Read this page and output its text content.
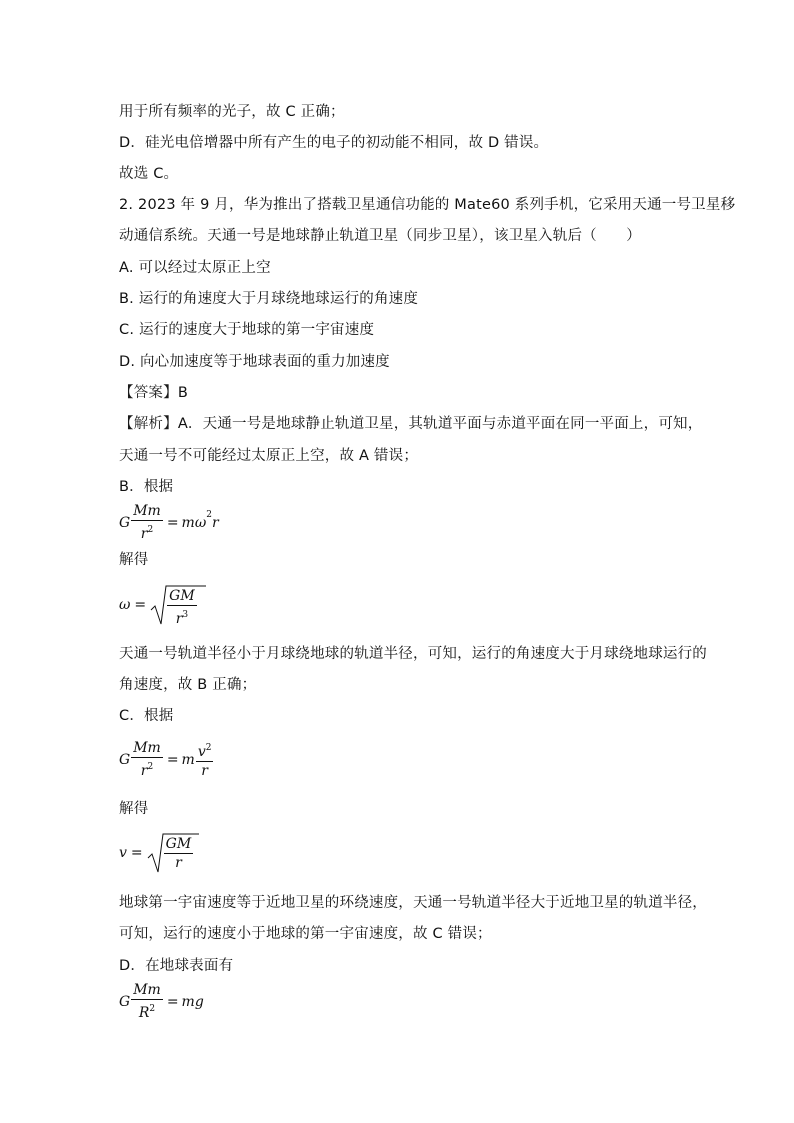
用于所有频率的光子，故 C 正确；
D．硅光电倍增器中所有产生的电子的初动能不相同，故 D 错误。
故选 C。
2. 2023 年 9 月，华为推出了搭载卫星通信功能的 Mate60 系列手机，它采用天通一号卫星移
动通信系统。天通一号是地球静止轨道卫星（同步卫星），该卫星入轨后（　　）
A. 可以经过太原正上空
B. 运行的角速度大于月球绕地球运行的角速度
C. 运行的速度大于地球的第一宇宙速度
D. 向心加速度等于地球表面的重力加速度
【答案】B
【解析】A．天通一号是地球静止轨道卫星，其轨道平面与赤道平面在同一平面上，可知，
天通一号不可能经过太原正上空，故 A 错误；
B．根据
G $\frac{Mm}{r^2} = m\omega 2r$
解得
$\omega = \frac{GM}{r^3}$
天通一号轨道半径小于月球绕地球的轨道半径，可知，运行的角速度大于月球绕地球运行的
角速度，故 B 正确；
C．根据
G $\frac{Mm}{r^2} = m \frac{v^2}{r}$
解得
$v = \frac{GM}{r}$
地球第一宇宙速度等于近地卫星的环绕速度，天通一号轨道半径大于近地卫星的轨道半径，
可知，运行的速度小于地球的第一宇宙速度，故 C 错误；
D．在地球表面有
G $\frac{Mm}{R^2}$ = mg
